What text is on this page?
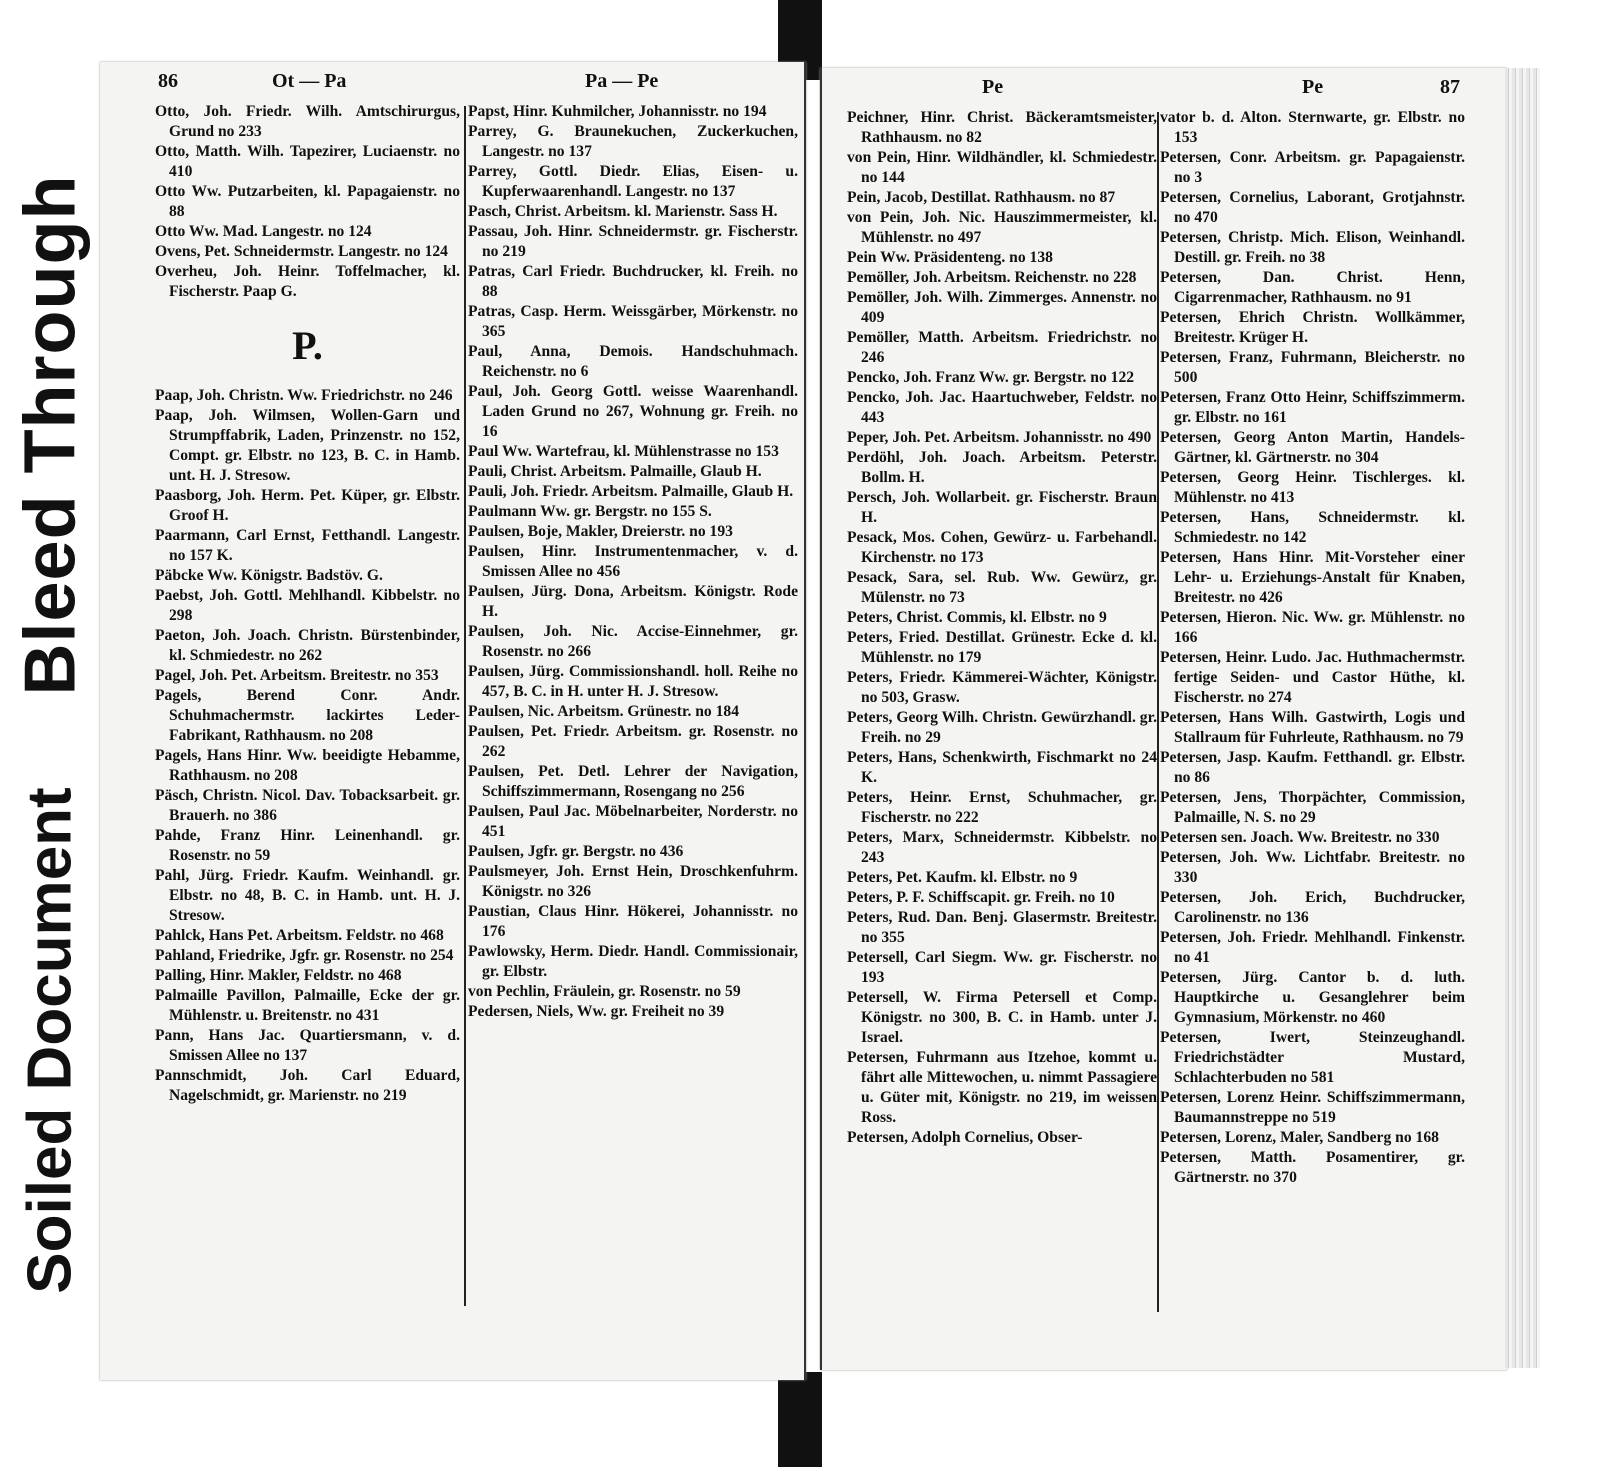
Bleed Through
Soiled Document
86	Ot — Pa	Pa — Pe

Otto, Joh. Friedr. Wilh. Amtschirurgus, Grund no 233

Otto, Matth. Wilh. Tapezirer, Luciaenstr. no 410

Otto Ww. Putzarbeiten, kl. Papagaienstr. no 88

Otto Ww. Mad. Langestr. no 124

Ovens, Pet. Schneidermstr. Langestr. no 124

Overheu, Joh. Heinr. Toffelmacher, kl. Fischerstr. Paap G.

P.

Paap, Joh. Christn. Ww. Friedrichstr. no 246

Paap, Joh. Wilmsen, Wollen-Garn und Strumpffabrik, Laden, Prinzenstr. no 152, Compt. gr. Elbstr. no 123, B. C. in Hamb. unt. H. J. Stresow.

Paasborg, Joh. Herm. Pet. Küper, gr. Elbstr. Groof H.

Paarmann, Carl Ernst, Fetthandl. Langestr. no 157 K.

Päbcke Ww. Königstr. Badstöv. G.

Paebst, Joh. Gottl. Mehlhandl. Kibbelstr. no 298

Paeton, Joh. Joach. Christn. Bürstenbinder, kl. Schmiedestr. no 262

Pagel, Joh. Pet. Arbeitsm. Breitestr. no 353

Pagels, Berend Conr. Andr. Schuhmachermstr. lackirtes Leder-Fabrikant, Rathhausm. no 208

Pagels, Hans Hinr. Ww. beeidigte Hebamme, Rathhausm. no 208

Päsch, Christn. Nicol. Dav. Tobacksarbeit. gr. Brauerh. no 386

Pahde, Franz Hinr. Leinenhandl. gr. Rosenstr. no 59

Pahl, Jürg. Friedr. Kaufm. Weinhandl. gr. Elbstr. no 48, B. C. in Hamb. unt. H. J. Stresow.

Pahlck, Hans Pet. Arbeitsm. Feldstr. no 468

Pahland, Friedrike, Jgfr. gr. Rosenstr. no 254

Palling, Hinr. Makler, Feldstr. no 468

Palmaille Pavillon, Palmaille, Ecke der gr. Mühlenstr. u. Breitenstr. no 431

Pann, Hans Jac. Quartiersmann, v. d. Smissen Allee no 137

Pannschmidt, Joh. Carl Eduard, Nagelschmidt, gr. Marienstr. no 219

Papst, Hinr. Kuhmilcher, Johannisstr. no 194

Parrey, G. Braunekuchen, Zuckerkuchen, Langestr. no 137

Parrey, Gottl. Diedr. Elias, Eisen- u. Kupferwaarenhandl. Langestr. no 137

Pasch, Christ. Arbeitsm. kl. Marienstr. Sass H.

Passau, Joh. Hinr. Schneidermstr. gr. Fischerstr. no 219

Patras, Carl Friedr. Buchdrucker, kl. Freih. no 88

Patras, Casp. Herm. Weissgärber, Mörkenstr. no 365

Paul, Anna, Demois. Handschuhmach. Reichenstr. no 6

Paul, Joh. Georg Gottl. weisse Waarenhandl. Laden Grund no 267, Wohnung gr. Freih. no 16

Paul Ww. Wartefrau, kl. Mühlenstrasse no 153

Pauli, Christ. Arbeitsm. Palmaille, Glaub H.

Pauli, Joh. Friedr. Arbeitsm. Palmaille, Glaub H.

Paulmann Ww. gr. Bergstr. no 155 S.

Paulsen, Boje, Makler, Dreierstr. no 193

Paulsen, Hinr. Instrumentenmacher, v. d. Smissen Allee no 456

Paulsen, Jürg. Dona, Arbeitsm. Königstr. Rode H.

Paulsen, Joh. Nic. Accise-Einnehmer, gr. Rosenstr. no 266

Paulsen, Jürg. Commissionshandl. holl. Reihe no 457, B. C. in H. unter H. J. Stresow.

Paulsen, Nic. Arbeitsm. Grünestr. no 184

Paulsen, Pet. Friedr. Arbeitsm. gr. Rosenstr. no 262

Paulsen, Pet. Detl. Lehrer der Navigation, Schiffszimmermann, Rosengang no 256

Paulsen, Paul Jac. Möbelnarbeiter, Norderstr. no 451

Paulsen, Jgfr. gr. Bergstr. no 436

Paulsmeyer, Joh. Ernst Hein, Droschkenfuhrm. Königstr. no 326

Paustian, Claus Hinr. Hökerei, Johannisstr. no 176

Pawlowsky, Herm. Diedr. Handl. Commissionair, gr. Elbstr.

von Pechlin, Fräulein, gr. Rosenstr. no 59

Pedersen, Niels, Ww. gr. Freiheit no 39

Pe	Pe	87

Peichner, Hinr. Christ. Bäckeramtsmeister, Rathhausm. no 82

von Pein, Hinr. Wildhändler, kl. Schmiedestr. no 144

Pein, Jacob, Destillat. Rathhausm. no 87

von Pein, Joh. Nic. Hauszimmermeister, kl. Mühlenstr. no 497

Pein Ww. Präsidenteng. no 138

Pemöller, Joh. Arbeitsm. Reichenstr. no 228

Pemöller, Joh. Wilh. Zimmerges. Annenstr. no 409

Pemöller, Matth. Arbeitsm. Friedrichstr. no 246

Pencko, Joh. Franz Ww. gr. Bergstr. no 122

Pencko, Joh. Jac. Haartuchweber, Feldstr. no 443

Peper, Joh. Pet. Arbeitsm. Johannisstr. no 490

Perdöhl, Joh. Joach. Arbeitsm. Peterstr. Bollm. H.

Persch, Joh. Wollarbeit. gr. Fischerstr. Braun H.

Pesack, Mos. Cohen, Gewürz- u. Farbehandl. Kirchenstr. no 173

Pesack, Sara, sel. Rub. Ww. Gewürz, gr. Mülenstr. no 73

Peters, Christ. Commis, kl. Elbstr. no 9

Peters, Fried. Destillat. Grünestr. Ecke d. kl. Mühlenstr. no 179

Peters, Friedr. Kämmerei-Wächter, Königstr. no 503, Grasw.

Peters, Georg Wilh. Christn. Gewürzhandl. gr. Freih. no 29

Peters, Hans, Schenkwirth, Fischmarkt no 24 K.

Peters, Heinr. Ernst, Schuhmacher, gr. Fischerstr. no 222

Peters, Marx, Schneidermstr. Kibbelstr. no 243

Peters, Pet. Kaufm. kl. Elbstr. no 9

Peters, P. F. Schiffscapit. gr. Freih. no 10

Peters, Rud. Dan. Benj. Glasermstr. Breitestr. no 355

Petersell, Carl Siegm. Ww. gr. Fischerstr. no 193

Petersell, W. Firma Petersell et Comp. Königstr. no 300, B. C. in Hamb. unter J. Israel.

Petersen, Fuhrmann aus Itzehoe, kommt u. fährt alle Mittewochen, u. nimmt Passagiere u. Güter mit, Königstr. no 219, im weissen Ross.

Petersen, Adolph Cornelius, Obser-

vator b. d. Alton. Sternwarte, gr. Elbstr. no 153

Petersen, Conr. Arbeitsm. gr. Papagaienstr. no 3

Petersen, Cornelius, Laborant, Grotjahnstr. no 470

Petersen, Christp. Mich. Elison, Weinhandl. Destill. gr. Freih. no 38

Petersen, Dan. Christ. Henn, Cigarrenmacher, Rathhausm. no 91

Petersen, Ehrich Christn. Wollkämmer, Breitestr. Krüger H.

Petersen, Franz, Fuhrmann, Bleicherstr. no 500

Petersen, Franz Otto Heinr, Schiffszimmerm. gr. Elbstr. no 161

Petersen, Georg Anton Martin, Handels-Gärtner, kl. Gärtnerstr. no 304

Petersen, Georg Heinr. Tischlerges. kl. Mühlenstr. no 413

Petersen, Hans, Schneidermstr. kl. Schmiedestr. no 142

Petersen, Hans Hinr. Mit-Vorsteher einer Lehr- u. Erziehungs-Anstalt für Knaben, Breitestr. no 426

Petersen, Hieron. Nic. Ww. gr. Mühlenstr. no 166

Petersen, Heinr. Ludo. Jac. Huthmachermstr. fertige Seiden- und Castor Hüthe, kl. Fischerstr. no 274

Petersen, Hans Wilh. Gastwirth, Logis und Stallraum für Fuhrleute, Rathhausm. no 79

Petersen, Jasp. Kaufm. Fetthandl. gr. Elbstr. no 86

Petersen, Jens, Thorpächter, Commission, Palmaille, N. S. no 29

Petersen sen. Joach. Ww. Breitestr. no 330

Petersen, Joh. Ww. Lichtfabr. Breitestr. no 330

Petersen, Joh. Erich, Buchdrucker, Carolinenstr. no 136

Petersen, Joh. Friedr. Mehlhandl. Finkenstr. no 41

Petersen, Jürg. Cantor b. d. luth. Hauptkirche u. Gesanglehrer beim Gymnasium, Mörkenstr. no 460

Petersen, Iwert, Steinzeughandl. Friedrichstädter Mustard, Schlachterbuden no 581

Petersen, Lorenz Heinr. Schiffszimmermann, Baumannstreppe no 519

Petersen, Lorenz, Maler, Sandberg no 168

Petersen, Matth. Posamentirer, gr. Gärtnerstr. no 370
